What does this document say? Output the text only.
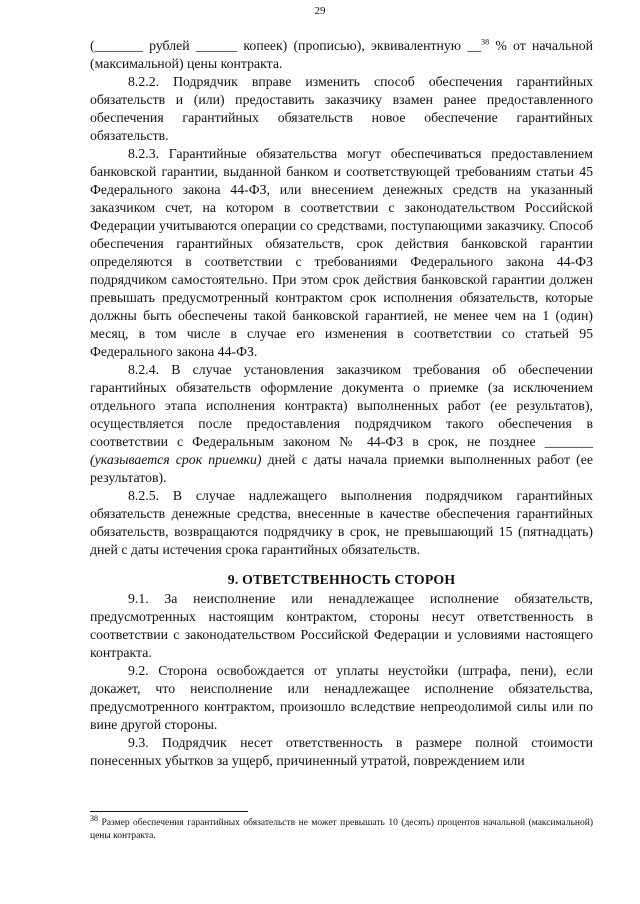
29

(_______ рублей ______ копеек) (прописью), эквивалентную __$^{38}$ % от начальной (максимальной) цены контракта.

8.2.2. Подрядчик вправе изменить способ обеспечения гарантийных обязательств и (или) предоставить заказчику взамен ранее предоставленного обеспечения гарантийных обязательств новое обеспечение гарантийных обязательств.

8.2.3. Гарантийные обязательства могут обеспечиваться предоставлением банковской гарантии, выданной банком и соответствующей требованиям статьи 45 Федерального закона 44-ФЗ, или внесением денежных средств на указанный заказчиком счет, на котором в соответствии с законодательством Российской Федерации учитываются операции со средствами, поступающими заказчику. Способ обеспечения гарантийных обязательств, срок действия банковской гарантии определяются в соответствии с требованиями Федерального закона 44-ФЗ подрядчиком самостоятельно. При этом срок действия банковской гарантии должен превышать предусмотренный контрактом срок исполнения обязательств, которые должны быть обеспечены такой банковской гарантией, не менее чем на 1 (один) месяц, в том числе в случае его изменения в соответствии со статьей 95 Федерального закона 44-ФЗ.

8.2.4. В случае установления заказчиком требования об обеспечении гарантийных обязательств оформление документа о приемке (за исключением отдельного этапа исполнения контракта) выполненных работ (ее результатов), осуществляется после предоставления подрядчиком такого обеспечения в соответствии с Федеральным законом № 44-ФЗ в срок, не позднее _______ (указывается срок приемки) дней с даты начала приемки выполненных работ (ее результатов).

8.2.5. В случае надлежащего выполнения подрядчиком гарантийных обязательств денежные средства, внесенные в качестве обеспечения гарантийных обязательств, возвращаются подрядчику в срок, не превышающий 15 (пятнадцать) дней с даты истечения срока гарантийных обязательств.

9. ОТВЕТСТВЕННОСТЬ СТОРОН

9.1. За неисполнение или ненадлежащее исполнение обязательств, предусмотренных настоящим контрактом, стороны несут ответственность в соответствии с законодательством Российской Федерации и условиями настоящего контракта.

9.2. Сторона освобождается от уплаты неустойки (штрафа, пени), если докажет, что неисполнение или ненадлежащее исполнение обязательства, предусмотренного контрактом, произошло вследствие непреодолимой силы или по вине другой стороны.

9.3. Подрядчик несет ответственность в размере полной стоимости понесенных убытков за ущерб, причиненный утратой, повреждением или

$^{38}$ Размер обеспечения гарантийных обязательств не может превышать 10 (десять) процентов начальной (максимальной) цены контракта.
